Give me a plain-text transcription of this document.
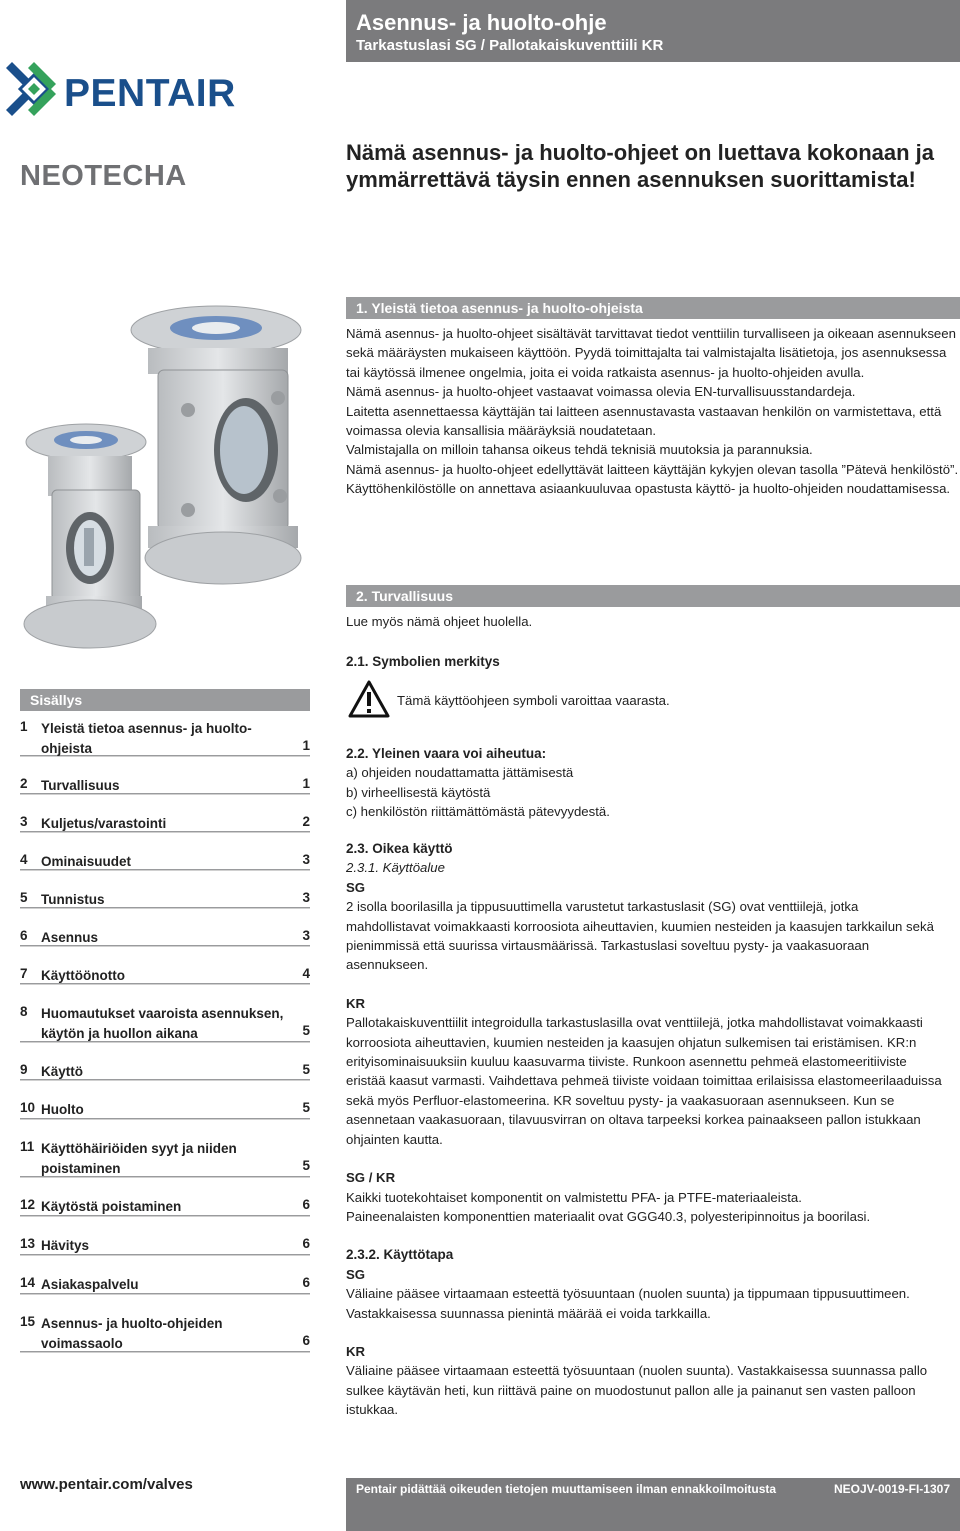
Asennus- ja huolto-ohje
Tarkastuslasi SG / Pallotakaiskuventtiili KR
PENTAIR
NEOTECHA
Nämä asennus- ja huolto-ohjeet on luettava kokonaan ja ymmärrettävä täysin ennen asennuksen suorittamista!
1. Yleistä tietoa asennus- ja huolto-ohjeista

Nämä asennus- ja huolto-ohjeet sisältävät tarvittavat tiedot venttiilin turvalliseen ja oikeaan asennukseen sekä määräysten mukaiseen käyttöön. Pyydä toimittajalta tai valmistajalta lisätietoja, jos asennuksessa tai käytössä ilmenee ongelmia, joita ei voida ratkaista asennus- ja huolto-ohjeiden avulla.

Nämä asennus- ja huolto-ohjeet vastaavat voimassa olevia EN-turvallisuusstandardeja.

Laitetta asennettaessa käyttäjän tai laitteen asennustavasta vastaavan henkilön on varmistettava, että voimassa olevia kansallisia määräyksiä noudatetaan.

Valmistajalla on milloin tahansa oikeus tehdä teknisiä muutoksia ja parannuksia.

Nämä asennus- ja huolto-ohjeet edellyttävät laitteen käyttäjän kykyjen olevan tasolla ”Pätevä henkilöstö”.

Käyttöhenkilöstölle on annettava asiaankuuluvaa opastusta käyttö- ja huolto-ohjeiden noudattamisessa.

2. Turvallisuus
Lue myös nämä ohjeet huolella.
2.1. Symbolien merkitys
Tämä käyttöohjeen symboli varoittaa vaarasta.

2.2. Yleinen vaara voi aiheutua:

a) ohjeiden noudattamatta jättämisestä

b) virheellisestä käytöstä

c) henkilöstön riittämättömästä pätevyydestä.

2.3. Oikea käyttö

2.3.1. Käyttöalue

SG

2 isolla boorilasilla ja tippusuuttimella varustetut tarkastuslasit (SG) ovat venttiilejä, jotka mahdollistavat voimakkaasti korroosiota aiheuttavien, kuumien nesteiden ja kaasujen tarkkailun sekä pienimmissä että suurissa virtausmäärissä. Tarkastuslasi soveltuu pysty- ja vaakasuoraan asennukseen.

KR

Pallotakaiskuventtiilit integroidulla tarkastuslasilla ovat venttiilejä, jotka mahdollistavat voimakkaasti korroosiota aiheuttavien, kuumien nesteiden ja kaasujen ohjatun sulkemisen tai eristämisen. KR:n erityisominaisuuksiin kuuluu kaasuvarma tiiviste. Runkoon asennettu pehmeä elastomeeritiiviste eristää kaasut varmasti. Vaihdettava pehmeä tiiviste voidaan toimittaa erilaisissa elastomeerilaaduissa sekä myös Perfluor-elastomeerina. KR soveltuu pysty- ja vaakasuoraan asennukseen. Kun se asennetaan vaakasuoraan, tilavuusvirran on oltava tarpeeksi korkea painaakseen pallon istukkaan ohjainten kautta.

SG / KR

Kaikki tuotekohtaiset komponentit on valmistettu PFA- ja PTFE-materiaaleista.

Paineenalaisten komponenttien materiaalit ovat GGG40.3, polyesteripinnoitus ja boorilasi.

2.3.2. Käyttötapa

SG

Väliaine pääsee virtaamaan esteettä työsuuntaan (nuolen suunta) ja tippumaan tippusuuttimeen. Vastakkaisessa suunnassa pienintä määrää ei voida tarkkailla.

KR

Väliaine pääsee virtaamaan esteettä työsuuntaan (nuolen suunta). Vastakkaisessa suunnassa pallo sulkee käytävän heti, kun riittävä paine on muodostunut pallon alle ja painanut sen vasten palloon istukkaa.

Sisällys
1 Yleistä tietoa asennus- ja huolto-ohjeista	1
2 Turvallisuus	1
3 Kuljetus/varastointi	2
4 Ominaisuudet	3
5 Tunnistus	3
6 Asennus	3
7 Käyttöönotto	4
8 Huomautukset vaaroista asennuksen, käytön ja huollon aikana	5
9 Käyttö	5
10 Huolto	5
11 Käyttöhäiriöiden syyt ja niiden poistaminen	5
12 Käytöstä poistaminen	6
13 Hävitys	6
14 Asiakaspalvelu	6
15 Asennus- ja huolto-ohjeiden voimassaolo	6
www.pentair.com/valves	Pentair pidättää oikeuden tietojen muuttamiseen ilman ennakkoilmoitusta	NEOJV-0019-FI-1307
